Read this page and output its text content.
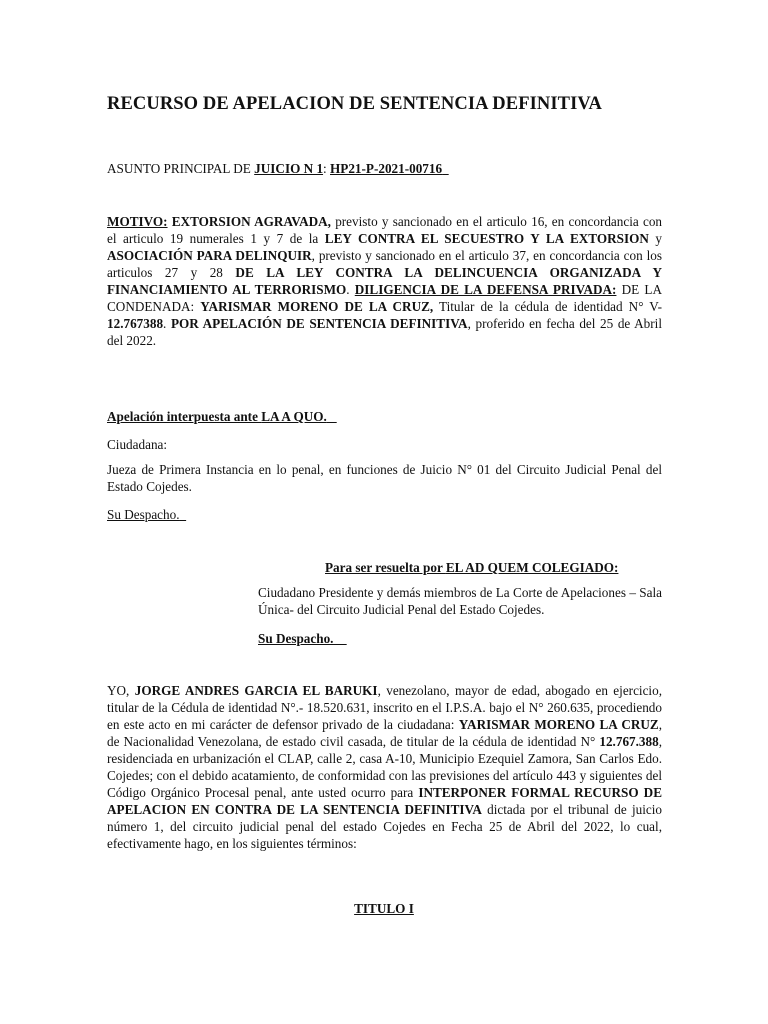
RECURSO DE APELACION DE SENTENCIA DEFINITIVA
ASUNTO PRINCIPAL DE JUICIO N 1: HP21-P-2021-00716

MOTIVO: EXTORSION AGRAVADA, previsto y sancionado en el articulo 16, en concordancia con el articulo 19 numerales 1 y 7 de la LEY CONTRA EL SECUESTRO Y LA EXTORSION y ASOCIACIÓN PARA DELINQUIR, previsto y sancionado en el articulo 37, en concordancia con los articulos 27 y 28 DE LA LEY CONTRA LA DELINCUENCIA ORGANIZADA Y FINANCIAMIENTO AL TERRORISMO. DILIGENCIA DE LA DEFENSA PRIVADA: DE LA CONDENADA: YARISMAR MORENO DE LA CRUZ, Titular de la cédula de identidad N° V- 12.767388. POR APELACIÓN DE SENTENCIA DEFINITIVA, proferido en fecha del 25 de Abril del 2022.

Apelación interpuesta ante LA A QUO.
Ciudadana:

Jueza de Primera Instancia en lo penal, en funciones de Juicio N° 01 del Circuito Judicial Penal del Estado Cojedes.

Su Despacho.
Para ser resuelta por EL AD QUEM COLEGIADO:

Ciudadano Presidente y demás miembros de La Corte de Apelaciones – Sala Única- del Circuito Judicial Penal del Estado Cojedes.

Su Despacho.

YO, JORGE ANDRES GARCIA EL BARUKI, venezolano, mayor de edad, abogado en ejercicio, titular de la Cédula de identidad N°.- 18.520.631, inscrito en el I.P.S.A. bajo el N° 260.635, procediendo en este acto en mi carácter de defensor privado de la ciudadana: YARISMAR MORENO LA CRUZ, de Nacionalidad Venezolana, de estado civil casada, de titular de la cédula de identidad N° 12.767.388, residenciada en urbanización el CLAP, calle 2, casa A-10, Municipio Ezequiel Zamora, San Carlos Edo. Cojedes; con el debido acatamiento, de conformidad con las previsiones del artículo 443 y siguientes del Código Orgánico Procesal penal, ante usted ocurro para INTERPONER FORMAL RECURSO DE APELACION EN CONTRA DE LA SENTENCIA DEFINITIVA dictada por el tribunal de juicio número 1, del circuito judicial penal del estado Cojedes en Fecha 25 de Abril del 2022, lo cual, efectivamente hago, en los siguientes términos:

TITULO I
